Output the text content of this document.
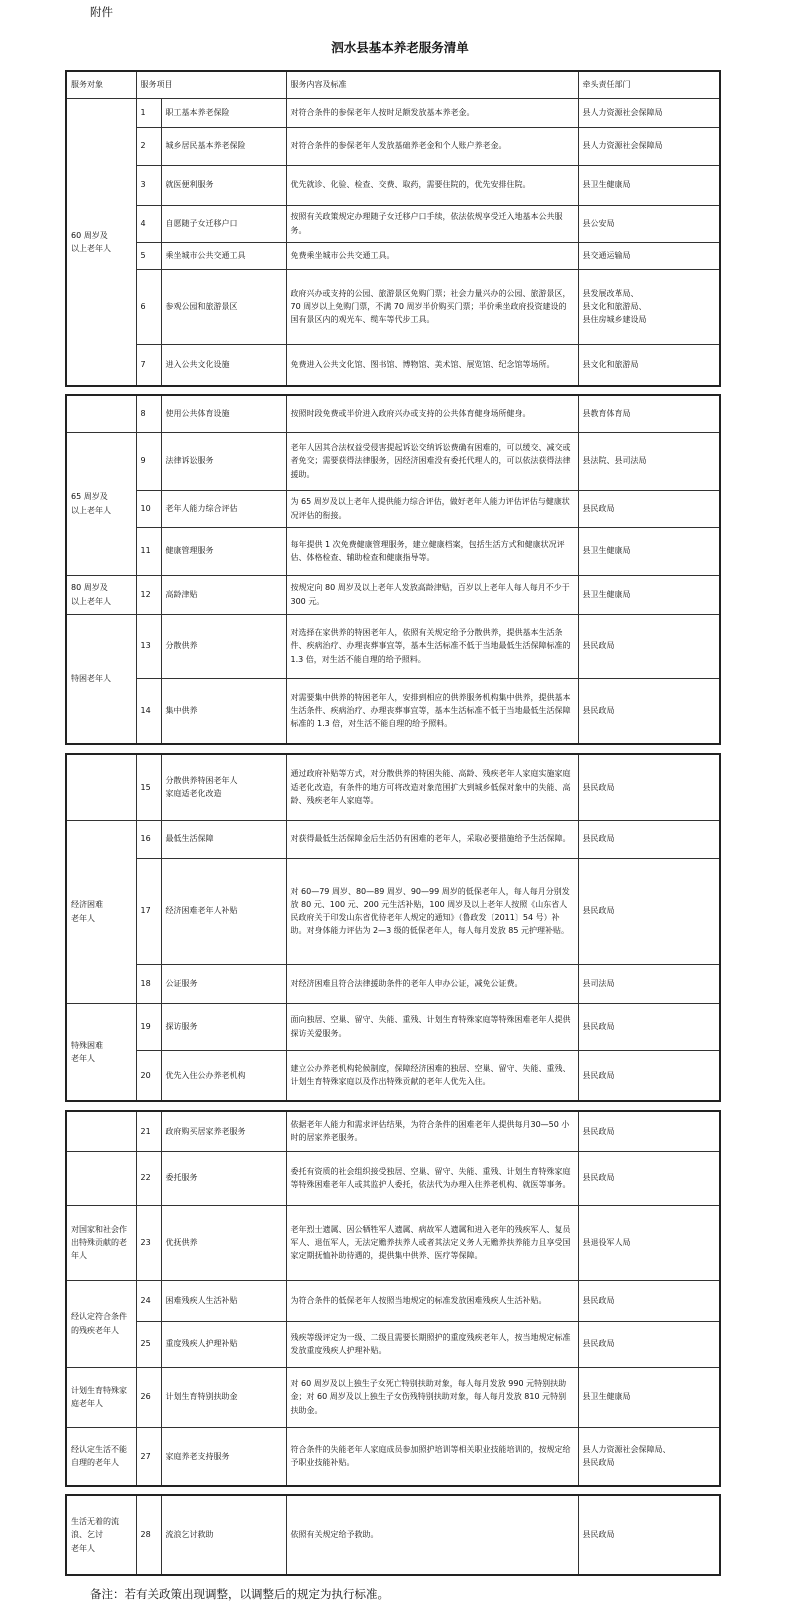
附件
泗水县基本养老服务清单
服务对象	服务项目		服务内容及标准	牵头责任部门
60 周岁及
以上老年人	1	职工基本养老保险	对符合条件的参保老年人按时足额发放基本养老金。	县人力资源社会保障局
	2	城乡居民基本养老保险	对符合条件的参保老年人发放基础养老金和个人账户养老金。	县人力资源社会保障局
	3	就医便利服务	优先就诊、化验、检查、交费、取药，需要住院的，优先安排住院。	县卫生健康局
	4	自愿随子女迁移户口	按照有关政策规定办理随子女迁移户口手续，依法依规享受迁入地基本公共服务。	县公安局
	5	乘坐城市公共交通工具	免费乘坐城市公共交通工具。	县交通运输局
	6	参观公园和旅游景区	政府兴办或支持的公园、旅游景区免购门票；社会力量兴办的公园、旅游景区，70 周岁以上免购门票，不满 70 周岁半价购买门票；半价乘坐政府投资建设的国有景区内的观光车、缆车等代步工具。	县发展改革局、
县文化和旅游局、
县住房城乡建设局
	7	进入公共文化设施	免费进入公共文化馆、图书馆、博物馆、美术馆、展览馆、纪念馆等场所。	县文化和旅游局
	8	使用公共体育设施	按照时段免费或半价进入政府兴办或支持的公共体育健身场所健身。	县教育体育局
65 周岁及
以上老年人	9	法律诉讼服务	老年人因其合法权益受侵害提起诉讼交纳诉讼费确有困难的，可以缓交、减交或者免交；需要获得法律服务，因经济困难没有委托代理人的，可以依法获得法律援助。	县法院、县司法局
	10	老年人能力综合评估	为 65 周岁及以上老年人提供能力综合评估，做好老年人能力评估评估与健康状况评估的衔接。	县民政局
	11	健康管理服务	每年提供 1 次免费健康管理服务，建立健康档案，包括生活方式和健康状况评估、体格检查、辅助检查和健康指导等。	县卫生健康局
80 周岁及
以上老年人	12	高龄津贴	按规定向 80 周岁及以上老年人发放高龄津贴，百岁以上老年人每人每月不少于 300 元。	县卫生健康局
特困老年人	13	分散供养	对选择在家供养的特困老年人，依照有关规定给予分散供养，提供基本生活条件、疾病治疗、办理丧葬事宜等，基本生活标准不低于当地最低生活保障标准的 1.3 倍，对生活不能自理的给予照料。	县民政局
	14	集中供养	对需要集中供养的特困老年人，安排到相应的供养服务机构集中供养，提供基本生活条件、疾病治疗、办理丧葬事宜等，基本生活标准不低于当地最低生活保障标准的 1.3 倍，对生活不能自理的给予照料。	县民政局
	15	分散供养特困老年人
家庭适老化改造	通过政府补贴等方式，对分散供养的特困失能、高龄、残疾老年人家庭实施家庭适老化改造，有条件的地方可将改造对象范围扩大到城乡低保对象中的失能、高龄、残疾老年人家庭等。	县民政局
经济困难
老年人	16	最低生活保障	对获得最低生活保障金后生活仍有困难的老年人，采取必要措施给予生活保障。	县民政局
	17	经济困难老年人补贴	对 60—79 周岁、80—89 周岁、90—99 周岁的低保老年人，每人每月分别发放 80 元、100 元、200 元生活补贴，100 周岁及以上老年人按照《山东省人民政府关于印发山东省优待老年人规定的通知》（鲁政发〔2011〕54 号）补助。对身体能力评估为 2—3 级的低保老年人，每人每月发放 85 元护理补贴。	县民政局
	18	公证服务	对经济困难且符合法律援助条件的老年人申办公证，减免公证费。	县司法局
特殊困难
老年人	19	探访服务	面向独居、空巢、留守、失能、重残、计划生育特殊家庭等特殊困难老年人提供探访关爱服务。	县民政局
	20	优先入住公办养老机构	建立公办养老机构轮候制度，保障经济困难的独居、空巢、留守、失能、重残、计划生育特殊家庭以及作出特殊贡献的老年人优先入住。	县民政局
	21	政府购买居家养老服务	依据老年人能力和需求评估结果，为符合条件的困难老年人提供每月30—50 小时的居家养老服务。	县民政局
	22	委托服务	委托有资质的社会组织接受独居、空巢、留守、失能、重残、计划生育特殊家庭等特殊困难老年人或其监护人委托，依法代为办理入住养老机构、就医等事务。	县民政局
对国家和社会作出特殊贡献的老年人	23	优抚供养	老年烈士遗属、因公牺牲军人遗属、病故军人遗属和进入老年的残疾军人、复员军人、退伍军人，无法定赡养扶养人或者其法定义务人无赡养扶养能力且享受国家定期抚恤补助待遇的，提供集中供养、医疗等保障。	县退役军人局
经认定符合条件的残疾老年人	24	困难残疾人生活补贴	为符合条件的低保老年人按照当地规定的标准发放困难残疾人生活补贴。	县民政局
	25	重度残疾人护理补贴	残疾等级评定为一级、二级且需要长期照护的重度残疾老年人，按当地规定标准发放重度残疾人护理补贴。	县民政局
计划生育特殊家庭老年人	26	计划生育特别扶助金	对 60 周岁及以上独生子女死亡特别扶助对象，每人每月发放 990 元特别扶助金；对 60 周岁及以上独生子女伤残特别扶助对象，每人每月发放 810 元特别扶助金。	县卫生健康局
经认定生活不能自理的老年人	27	家庭养老支持服务	符合条件的失能老年人家庭成员参加照护培训等相关职业技能培训的，按规定给予职业技能补贴。	县人力资源社会保障局、
县民政局
生活无着的流浪、乞讨
老年人	28	流浪乞讨救助	依照有关规定给予救助。	县民政局
备注：若有关政策出现调整，以调整后的规定为执行标准。
